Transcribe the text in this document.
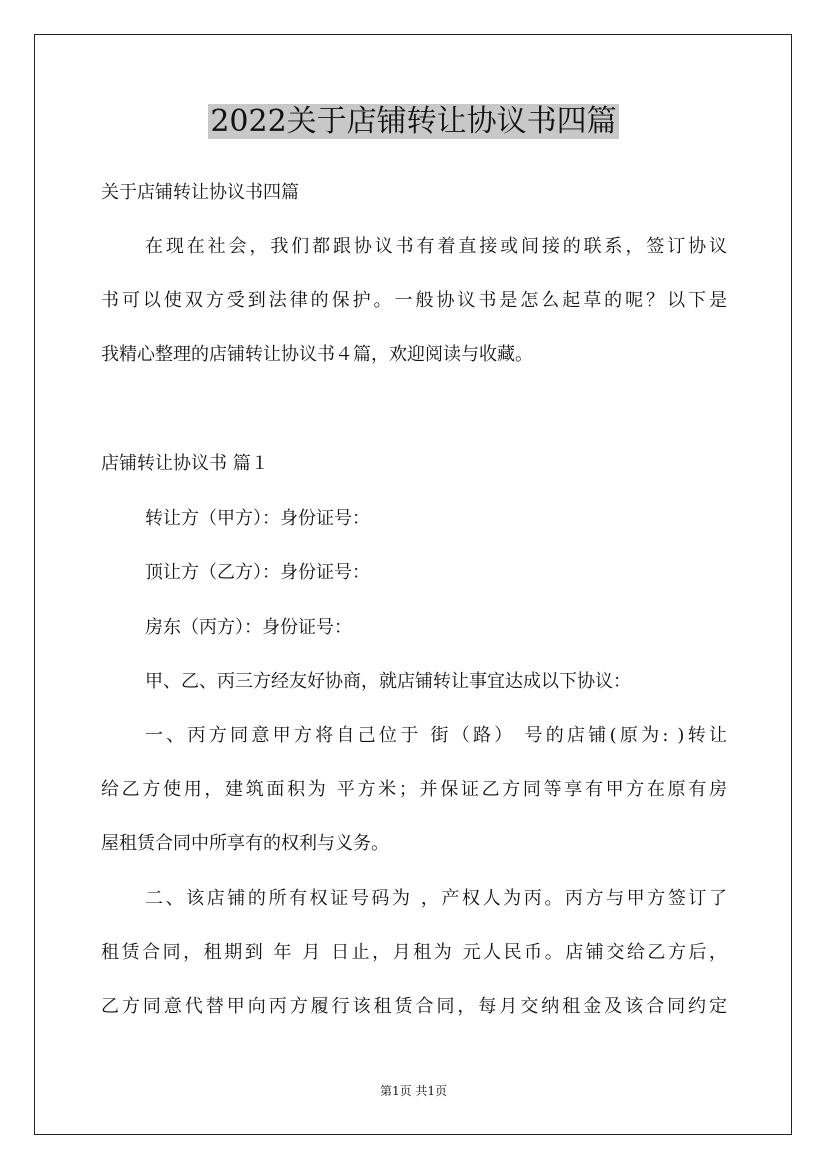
2022关于店铺转让协议书四篇
关于店铺转让协议书四篇
在现在社会，我们都跟协议书有着直接或间接的联系，签订协议
书可以使双方受到法律的保护。一般协议书是怎么起草的呢？以下是
我精心整理的店铺转让协议书４篇，欢迎阅读与收藏。
店铺转让协议书 篇１
转让方（甲方）：身份证号：
顶让方（乙方）：身份证号：
房东（丙方）：身份证号：
甲、乙、丙三方经友好协商，就店铺转让事宜达成以下协议：
一、丙方同意甲方将自己位于 街（路） 号的店铺(原为: )转让
给乙方使用，建筑面积为 平方米；并保证乙方同等享有甲方在原有房
屋租赁合同中所享有的权利与义务。
二、该店铺的所有权证号码为 ，产权人为丙。丙方与甲方签订了
租赁合同，租期到 年 月 日止，月租为 元人民币。店铺交给乙方后，
乙方同意代替甲向丙方履行该租赁合同，每月交纳租金及该合同约定
第1页 共1页
